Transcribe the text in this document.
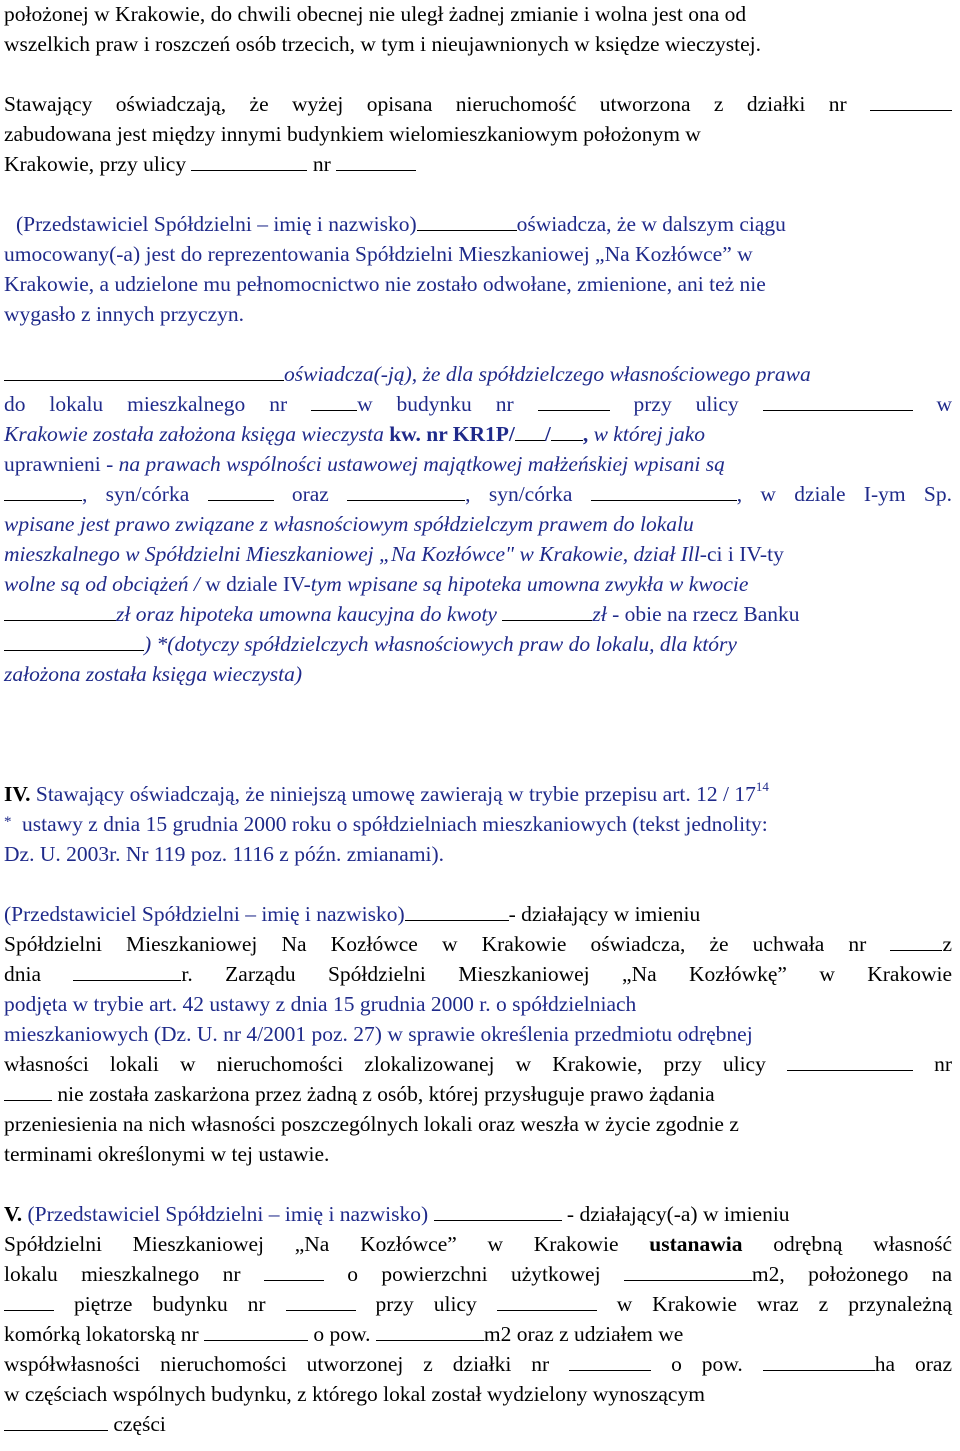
położonej w Krakowie, do chwili obecnej nie uległ żadnej zmianie i wolna jest ona od
wszelkich praw i roszczeń osób trzecich, w tym i nieujawnionych w księdze wieczystej.
Stawający oświadczają, że wyżej opisana nieruchomość utworzona z działki nr
zabudowana jest między innymi budynkiem wielomieszkaniowym położonym w
Krakowie, przy ulicy	nr
(Przedstawiciel Spółdzielni – imię i nazwisko)	oświadcza, że w dalszym ciągu
umocowany(-a) jest do reprezentowania Spółdzielni Mieszkaniowej „Na Kozłówce” w
Krakowie, a udzielone mu pełnomocnictwo nie zostało odwołane, zmienione, ani też nie
wygasło z innych przyczyn.
oświadcza(-ją), że dla spółdzielczego własnościowego prawa
do lokalu mieszkalnego nr	w budynku nr	przy ulicy	w
Krakowie została założona księga wieczysta kw. nr KR1P/ / , w której jako
uprawnieni - na prawach wspólności ustawowej majątkowej małżeńskiej wpisani są
, syn/córka	oraz	, syn/córka	, w dziale I-ym Sp.
wpisane jest prawo związane z własnościowym spółdzielczym prawem do lokalu
mieszkalnego w Spółdzielni Mieszkaniowej „Na Kozłówce" w Krakowie, dział Ill-ci i IV-ty
wolne są od obciążeń / w dziale IV-tym wpisane są hipoteka umowna zwykła w kwocie
zł oraz hipoteka umowna kaucyjna do kwoty	zł - obie na rzecz Banku
) *(dotyczy spółdzielczych własnościowych praw do lokalu, dla który
założona została księga wieczysta)
IV. Stawający oświadczają, że niniejszą umowę zawierają w trybie przepisu art. $12 / 17^{14}$
* ustawy z dnia 15 grudnia 2000 roku o spółdzielniach mieszkaniowych (tekst jednolity:
Dz. U. 2003r. Nr 119 poz. 1116 z późn. zmianami).
(Przedstawiciel Spółdzielni – imię i nazwisko)	- działający w imieniu
Spółdzielni Mieszkaniowej Na Kozłówce w Krakowie oświadcza, że uchwała nr	z
dnia	r. Zarządu Spółdzielni Mieszkaniowej „Na Kozłówkę” w Krakowie
podjęta w trybie art. 42 ustawy z dnia 15 grudnia 2000 r. o spółdzielniach
mieszkaniowych (Dz. U. nr 4/2001 poz. 27) w sprawie określenia przedmiotu odrębnej
własności lokali w nieruchomości zlokalizowanej w Krakowie, przy ulicy	nr
nie została zaskarżona przez żadną z osób, której przysługuje prawo żądania
przeniesienia na nich własności poszczególnych lokali oraz weszła w życie zgodnie z
terminami określonymi w tej ustawie.
V. (Przedstawiciel Spółdzielni – imię i nazwisko)	- działający(-a) w imieniu
Spółdzielni Mieszkaniowej „Na Kozłówce” w Krakowie ustanawia odrębną własność
lokalu mieszkalnego nr	o powierzchni użytkowej	m2, położonego na
piętrze budynku nr	przy ulicy	w Krakowie wraz z przynależną
komórką lokatorską nr	o pow.	m2 oraz z udziałem we
współwłasności nieruchomości utworzonej z działki nr	o pow.	ha oraz
w częściach wspólnych budynku, z którego lokal został wydzielony wynoszącym
części
